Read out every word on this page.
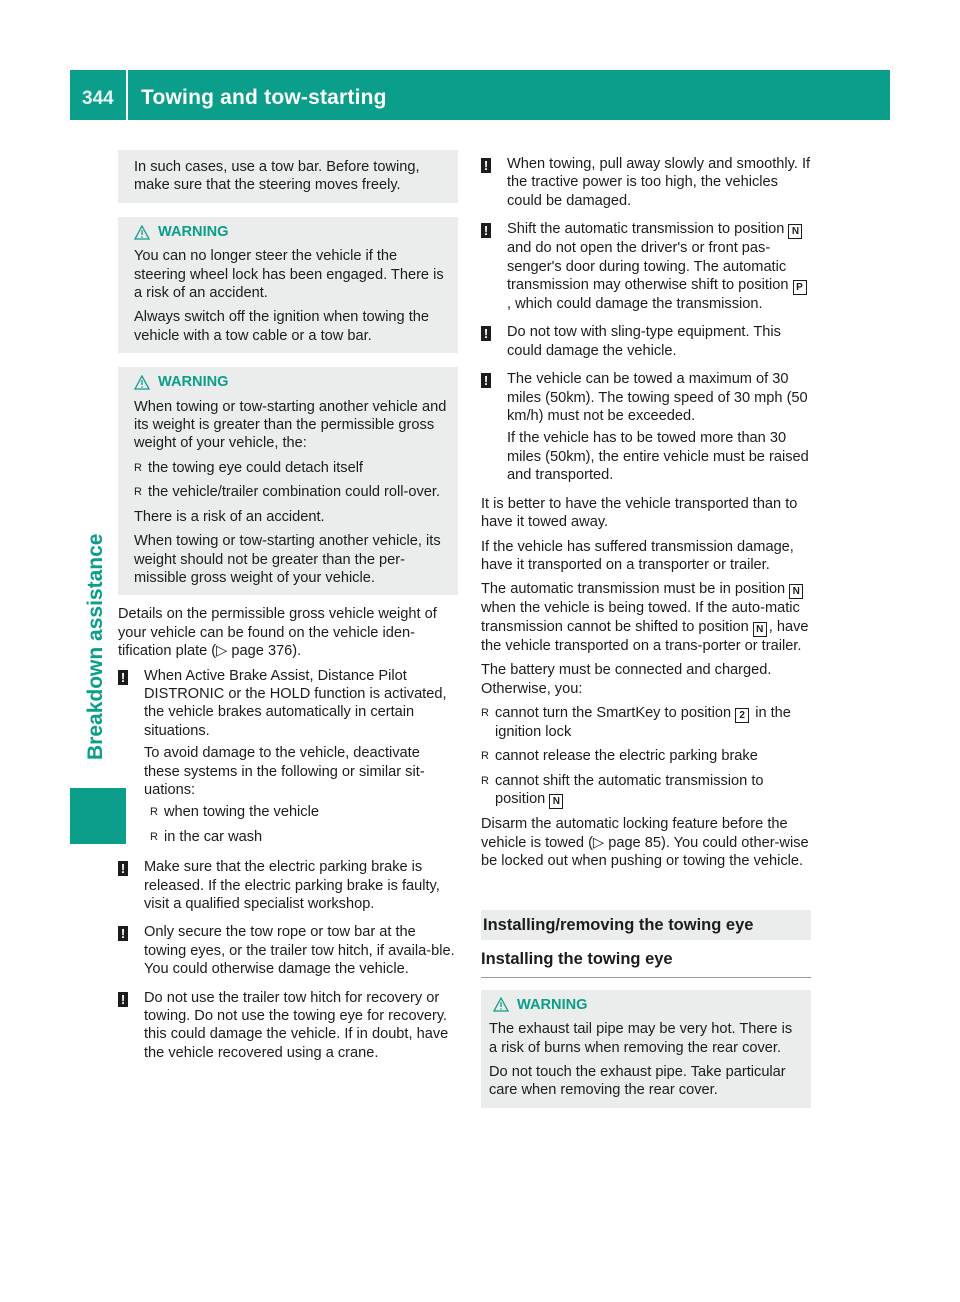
344 Towing and tow-starting
Breakdown assistance

In such cases, use a tow bar. Before towing, make sure that the steering moves freely.

WARNING

You can no longer steer the vehicle if the steering wheel lock has been engaged. There is a risk of an accident.

Always switch off the ignition when towing the vehicle with a tow cable or a tow bar.

WARNING

When towing or tow-starting another vehicle and its weight is greater than the permissible gross weight of your vehicle, the:

R the towing eye could detach itself
R the vehicle/trailer combination could roll-over.

There is a risk of an accident.

When towing or tow-starting another vehicle, its weight should not be greater than the per-missible gross weight of your vehicle.

Details on the permissible gross vehicle weight of your vehicle can be found on the vehicle iden-tification plate (▷ page 376).

!	When Active Brake Assist, Distance Pilot DISTRONIC or the HOLD function is activated, the vehicle brakes automatically in certain situations.

To avoid damage to the vehicle, deactivate these systems in the following or similar sit-uations:

R when towing the vehicle
R in the car wash
!	Make sure that the electric parking brake is released. If the electric parking brake is faulty, visit a qualified specialist workshop.

!	Only secure the tow rope or tow bar at the towing eyes, or the trailer tow hitch, if availa-ble. You could otherwise damage the vehicle.

!	Do not use the trailer tow hitch for recovery or towing. Do not use the towing eye for recovery. this could damage the vehicle. If in doubt, have the vehicle recovered using a crane.

!	When towing, pull away slowly and smoothly. If the tractive power is too high, the vehicles could be damaged.

!	Shift the automatic transmission to position N and do not open the driver's or front pas-senger's door during towing. The automatic transmission may otherwise shift to position P, which could damage the transmission.

!	Do not tow with sling-type equipment. This could damage the vehicle.

!	The vehicle can be towed a maximum of 30 miles (50km). The towing speed of 30 mph (50 km/h) must not be exceeded.

If the vehicle has to be towed more than 30 miles (50km), the entire vehicle must be raised and transported.

It is better to have the vehicle transported than to have it towed away.

If the vehicle has suffered transmission damage, have it transported on a transporter or trailer.

The automatic transmission must be in position N when the vehicle is being towed. If the auto-matic transmission cannot be shifted to position N , have the vehicle transported on a trans-porter or trailer.

The battery must be connected and charged. Otherwise, you:

R cannot turn the SmartKey to position 2 in the ignition lock
R cannot release the electric parking brake
R cannot shift the automatic transmission to position N

Disarm the automatic locking feature before the vehicle is towed (▷ page 85). You could other-wise be locked out when pushing or towing the vehicle.

Installing/removing the towing eye
Installing the towing eye
WARNING

The exhaust tail pipe may be very hot. There is a risk of burns when removing the rear cover.

Do not touch the exhaust pipe. Take particular care when removing the rear cover.
